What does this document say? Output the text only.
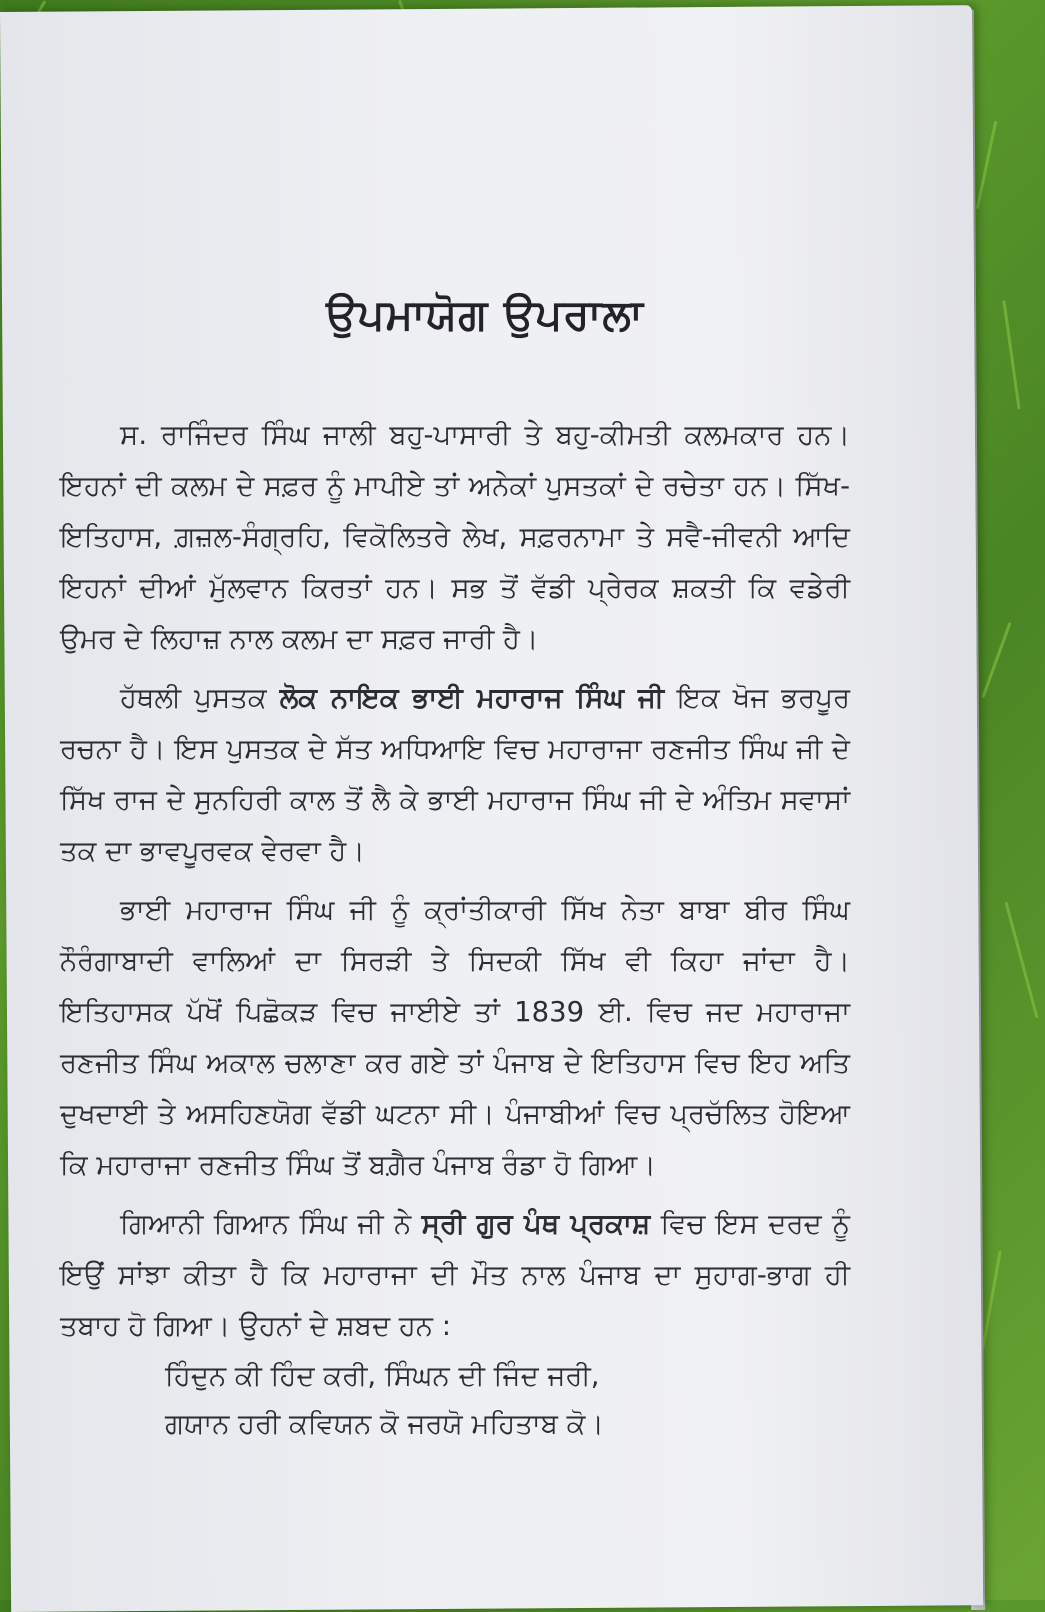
ਉਪਮਾਯੋਗ ਉਪਰਾਲਾ

ਸ. ਰਾਜਿੰਦਰ ਸਿੰਘ ਜਾਲੀ ਬਹੁ-ਪਾਸਾਰੀ ਤੇ ਬਹੁ-ਕੀਮਤੀ ਕਲਮਕਾਰ ਹਨ। ਇਹਨਾਂ ਦੀ ਕਲਮ ਦੇ ਸਫ਼ਰ ਨੂੰ ਮਾਪੀਏ ਤਾਂ ਅਨੇਕਾਂ ਪੁਸਤਕਾਂ ਦੇ ਰਚੇਤਾ ਹਨ। ਸਿੱਖ-ਇਤਿਹਾਸ, ਗ਼ਜ਼ਲ-ਸੰਗ੍ਰਹਿ, ਵਿਕੋਲਿਤਰੇ ਲੇਖ, ਸਫ਼ਰਨਾਮਾ ਤੇ ਸਵੈ-ਜੀਵਨੀ ਆਦਿ ਇਹਨਾਂ ਦੀਆਂ ਮੁੱਲਵਾਨ ਕਿਰਤਾਂ ਹਨ। ਸਭ ਤੋਂ ਵੱਡੀ ਪ੍ਰੇਰਕ ਸ਼ਕਤੀ ਕਿ ਵਡੇਰੀ ਉਮਰ ਦੇ ਲਿਹਾਜ਼ ਨਾਲ ਕਲਮ ਦਾ ਸਫ਼ਰ ਜਾਰੀ ਹੈ।

ਹੱਥਲੀ ਪੁਸਤਕ ਲੋਕ ਨਾਇਕ ਭਾਈ ਮਹਾਰਾਜ ਸਿੰਘ ਜੀ ਇਕ ਖੋਜ ਭਰਪੂਰ ਰਚਨਾ ਹੈ। ਇਸ ਪੁਸਤਕ ਦੇ ਸੱਤ ਅਧਿਆਇ ਵਿਚ ਮਹਾਰਾਜਾ ਰਣਜੀਤ ਸਿੰਘ ਜੀ ਦੇ ਸਿੱਖ ਰਾਜ ਦੇ ਸੁਨਹਿਰੀ ਕਾਲ ਤੋਂ ਲੈ ਕੇ ਭਾਈ ਮਹਾਰਾਜ ਸਿੰਘ ਜੀ ਦੇ ਅੰਤਿਮ ਸਵਾਸਾਂ ਤਕ ਦਾ ਭਾਵਪੂਰਵਕ ਵੇਰਵਾ ਹੈ।

ਭਾਈ ਮਹਾਰਾਜ ਸਿੰਘ ਜੀ ਨੂੰ ਕ੍ਰਾਂਤੀਕਾਰੀ ਸਿੱਖ ਨੇਤਾ ਬਾਬਾ ਬੀਰ ਸਿੰਘ ਨੌਰੰਗਾਬਾਦੀ ਵਾਲਿਆਂ ਦਾ ਸਿਰੜੀ ਤੇ ਸਿਦਕੀ ਸਿੱਖ ਵੀ ਕਿਹਾ ਜਾਂਦਾ ਹੈ। ਇਤਿਹਾਸਕ ਪੱਖੋਂ ਪਿਛੋਕੜ ਵਿਚ ਜਾਈਏ ਤਾਂ 1839 ਈ. ਵਿਚ ਜਦ ਮਹਾਰਾਜਾ ਰਣਜੀਤ ਸਿੰਘ ਅਕਾਲ ਚਲਾਣਾ ਕਰ ਗਏ ਤਾਂ ਪੰਜਾਬ ਦੇ ਇਤਿਹਾਸ ਵਿਚ ਇਹ ਅਤਿ ਦੁਖਦਾਈ ਤੇ ਅਸਹਿਣਯੋਗ ਵੱਡੀ ਘਟਨਾ ਸੀ। ਪੰਜਾਬੀਆਂ ਵਿਚ ਪ੍ਰਚੱਲਿਤ ਹੋਇਆ ਕਿ ਮਹਾਰਾਜਾ ਰਣਜੀਤ ਸਿੰਘ ਤੋਂ ਬਗ਼ੈਰ ਪੰਜਾਬ ਰੰਡਾ ਹੋ ਗਿਆ।

ਗਿਆਨੀ ਗਿਆਨ ਸਿੰਘ ਜੀ ਨੇ ਸ੍ਰੀ ਗੁਰ ਪੰਥ ਪ੍ਰਕਾਸ਼ ਵਿਚ ਇਸ ਦਰਦ ਨੂੰ ਇਉਂ ਸਾਂਝਾ ਕੀਤਾ ਹੈ ਕਿ ਮਹਾਰਾਜਾ ਦੀ ਮੌਤ ਨਾਲ ਪੰਜਾਬ ਦਾ ਸੁਹਾਗ-ਭਾਗ ਹੀ ਤਬਾਹ ਹੋ ਗਿਆ। ਉਹਨਾਂ ਦੇ ਸ਼ਬਦ ਹਨ :

ਹਿੰਦੁਨ ਕੀ ਹਿੰਦ ਕਰੀ, ਸਿੰਘਨ ਦੀ ਜਿੰਦ ਜਰੀ,
ਗਯਾਨ ਹਰੀ ਕਵਿਯਨ ਕੋ ਜਰਯੋ ਮਹਿਤਾਬ ਕੋ।
